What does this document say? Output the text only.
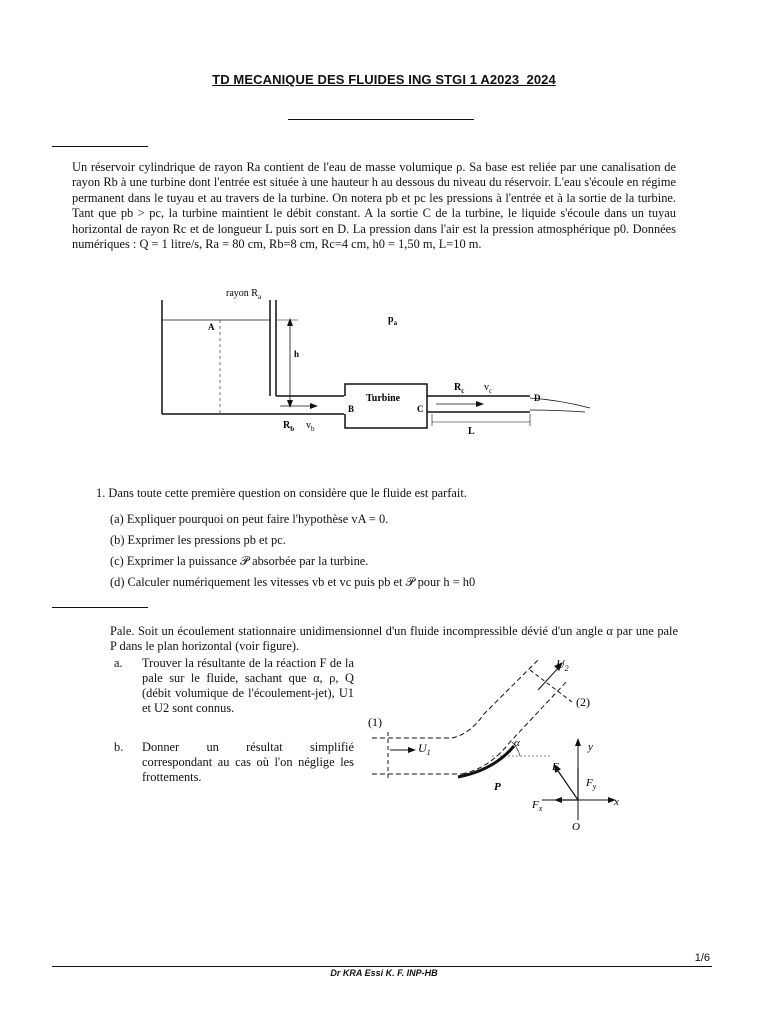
TD MECANIQUE DES FLUIDES ING STGI 1 A2023_2024
Un réservoir cylindrique de rayon Ra contient de l'eau de masse volumique ρ. Sa base est reliée par une canalisation de rayon Rb à une turbine dont l'entrée est située à une hauteur h au dessous du niveau du réservoir. L'eau s'écoule en régime permanent dans le tuyau et au travers de la turbine. On notera pb et pc les pressions à l'entrée et à la sortie de la turbine. Tant que pb > pc, la turbine maintient le débit constant. A la sortie C de la turbine, le liquide s'écoule dans un tuyau horizontal de rayon Rc et de longueur L puis sort en D. La pression dans l'air est la pression atmosphérique p0. Données numériques : Q = 1 litre/s, Ra = 80 cm, Rb=8 cm, Rc=4 cm, h0 = 1,50 m, L=10 m.
rayon $R_a$
A
$p_a$
h
Turbine
B	C
$R_c$ $v_c$
D
$R_b$ $v_b$	L
1. Dans toute cette première question on considère que le fluide est parfait.
(a) Expliquer pourquoi on peut faire l'hypothèse vA = 0.
(b) Exprimer les pressions pb et pc.
(c) Exprimer la puissance 𝒫 absorbée par la turbine.
(d) Calculer numériquement les vitesses vb et vc puis pb et 𝒫 pour h = h0
Pale. Soit un écoulement stationnaire unidimensionnel d'un fluide incompressible dévié d'un angle α par une pale P dans le plan horizontal (voir figure).
a. Trouver la résultante de la réaction F de la pale sur le fluide, sachant que α, ρ, Q (débit volumique de l'écoulement-jet), U1 et U2 sont connus.
b. Donner un résultat simplifié correspondant au cas où l'on néglige les frottements.
$U_2$
(2)
(1)
$U_1$
α	y
F
$F_y$
P
$F_x$
x
O
1/6
Dr KRA Essi K. F. INP-HB
